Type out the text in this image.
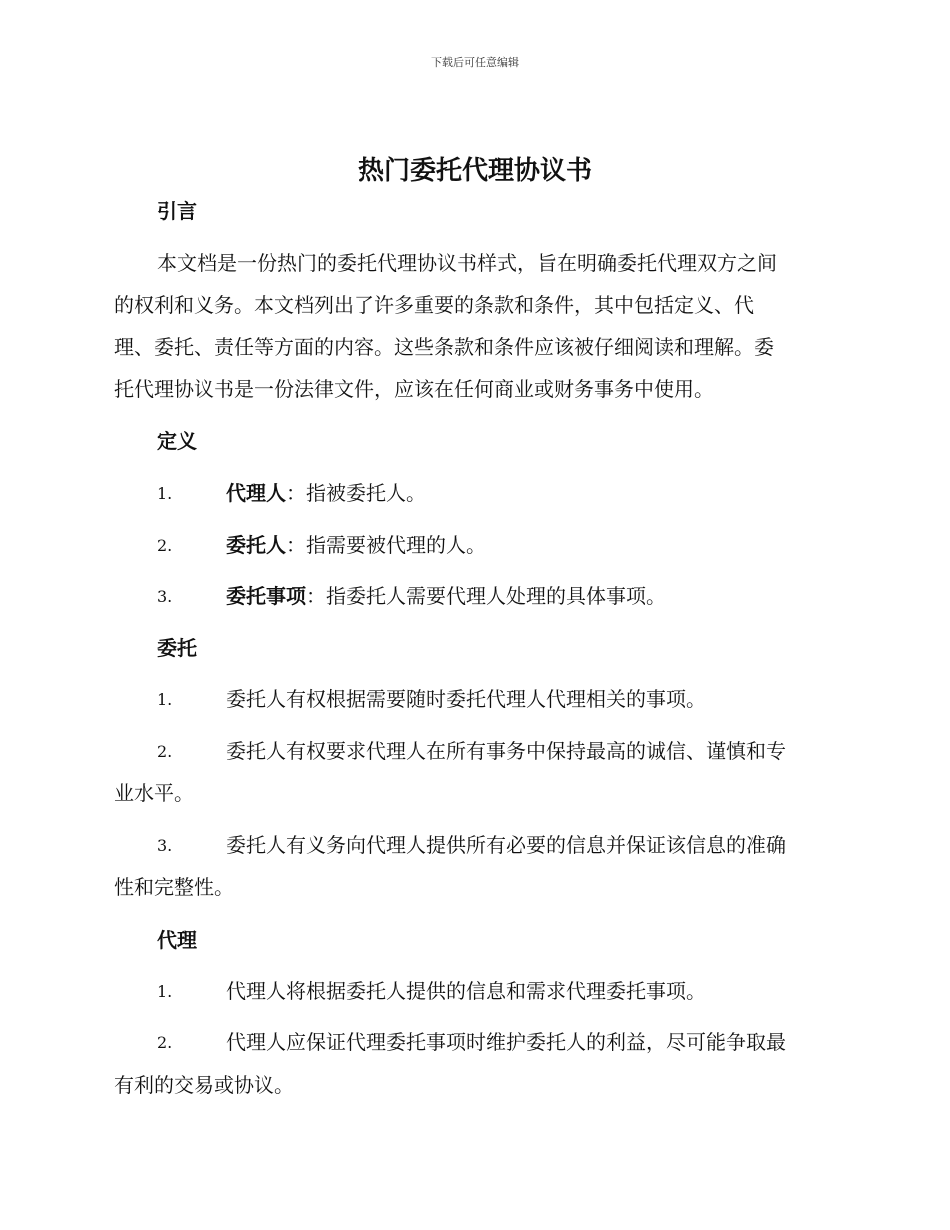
下载后可任意编辑
热门委托代理协议书
引言
本文档是一份热门的委托代理协议书样式，旨在明确委托代理双方之间
的权利和义务。本文档列出了许多重要的条款和条件，其中包括定义、代
理、委托、责任等方面的内容。这些条款和条件应该被仔细阅读和理解。委
托代理协议书是一份法律文件，应该在任何商业或财务事务中使用。
定义
1.	代理人：指被委托人。
2.	委托人：指需要被代理的人。
3.	委托事项：指委托人需要代理人处理的具体事项。
委托
1.	委托人有权根据需要随时委托代理人代理相关的事项。
2.	委托人有权要求代理人在所有事务中保持最高的诚信、谨慎和专
业水平。
3.	委托人有义务向代理人提供所有必要的信息并保证该信息的准确
性和完整性。
代理
1.	代理人将根据委托人提供的信息和需求代理委托事项。
2.	代理人应保证代理委托事项时维护委托人的利益，尽可能争取最
有利的交易或协议。
